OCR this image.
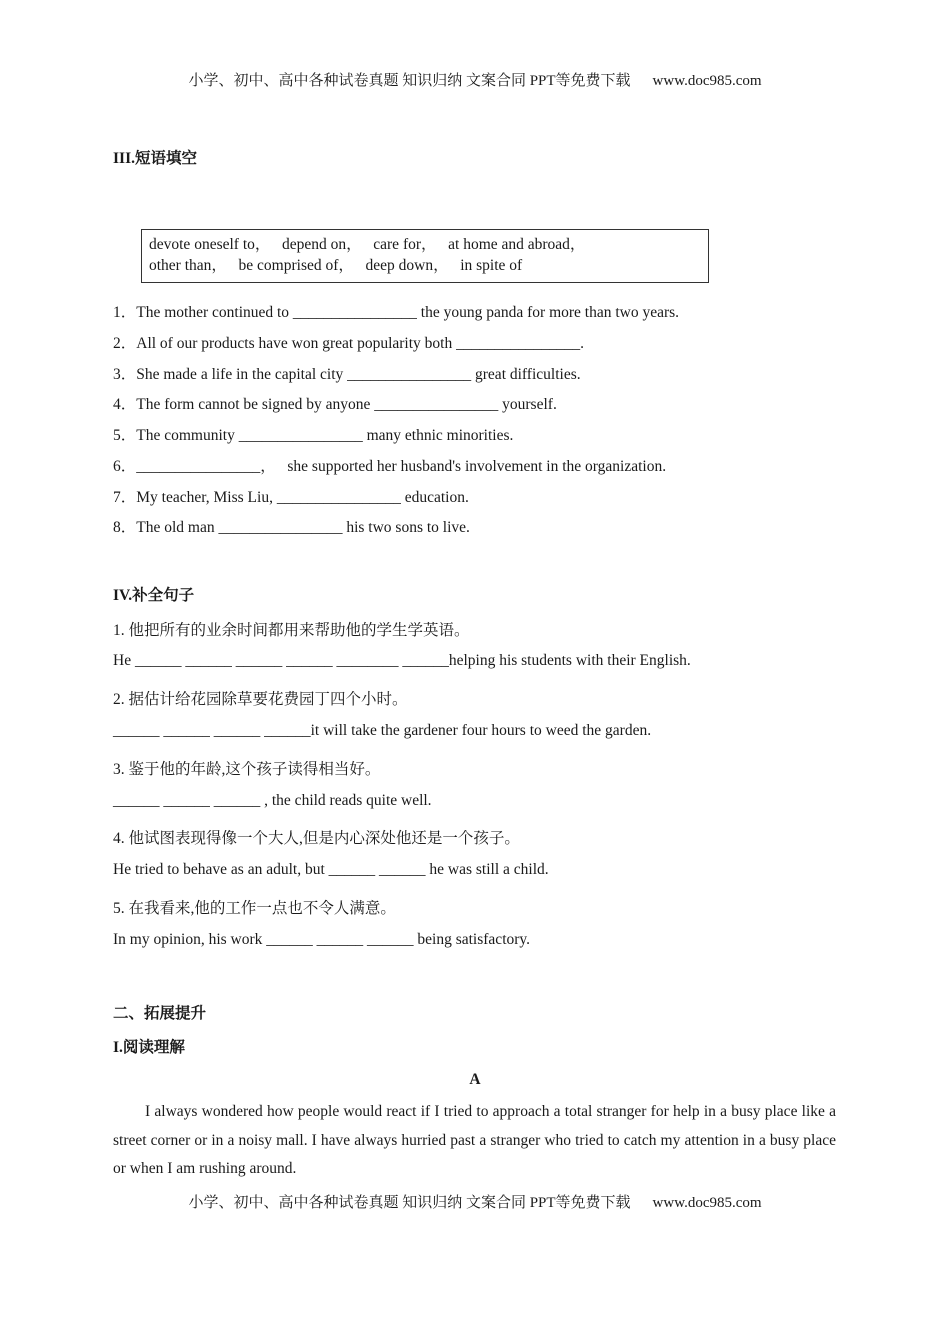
小学、初中、高中各种试卷真题 知识归纳 文案合同 PPT等免费下载 www.doc985.com
III.短语填空
devote oneself to，   depend on，   care for，   at home and abroad，
other than，   be comprised of，   deep down，   in spite of
1．The mother continued to ________________ the young panda for more than two years.
2．All of our products have won great popularity both ________________.
3．She made a life in the capital city ________________ great difficulties.
4．The form cannot be signed by anyone ________________ yourself.
5．The community ________________ many ethnic minorities.
6．________________，   she supported her husband's involvement in the organization.
7．My teacher, Miss Liu, ________________ education.
8．The old man ________________ his two sons to live.
IV.补全句子
1. 他把所有的业余时间都用来帮助他的学生学英语。
He ______ ______ ______ ______ ________ ______helping his students with their English.
2. 据估计给花园除草要花费园丁四个小时。
______ ______ ______ ______it will take the gardener four hours to weed the garden.
3. 鉴于他的年龄,这个孩子读得相当好。
______ ______ ______ , the child reads quite well.
4. 他试图表现得像一个大人,但是内心深处他还是一个孩子。
He tried to behave as an adult, but ______ ______ he was still a child.
5. 在我看来,他的工作一点也不令人满意。
In my opinion, his work ______ ______ ______ being satisfactory.
二、拓展提升
I.阅读理解
A
I always wondered how people would react if I tried to approach a total stranger for help in a busy place like a street corner or in a noisy mall. I have always hurried past a stranger who tried to catch my attention in a busy place or when I am rushing around.
小学、初中、高中各种试卷真题 知识归纳 文案合同 PPT等免费下载 www.doc985.com
